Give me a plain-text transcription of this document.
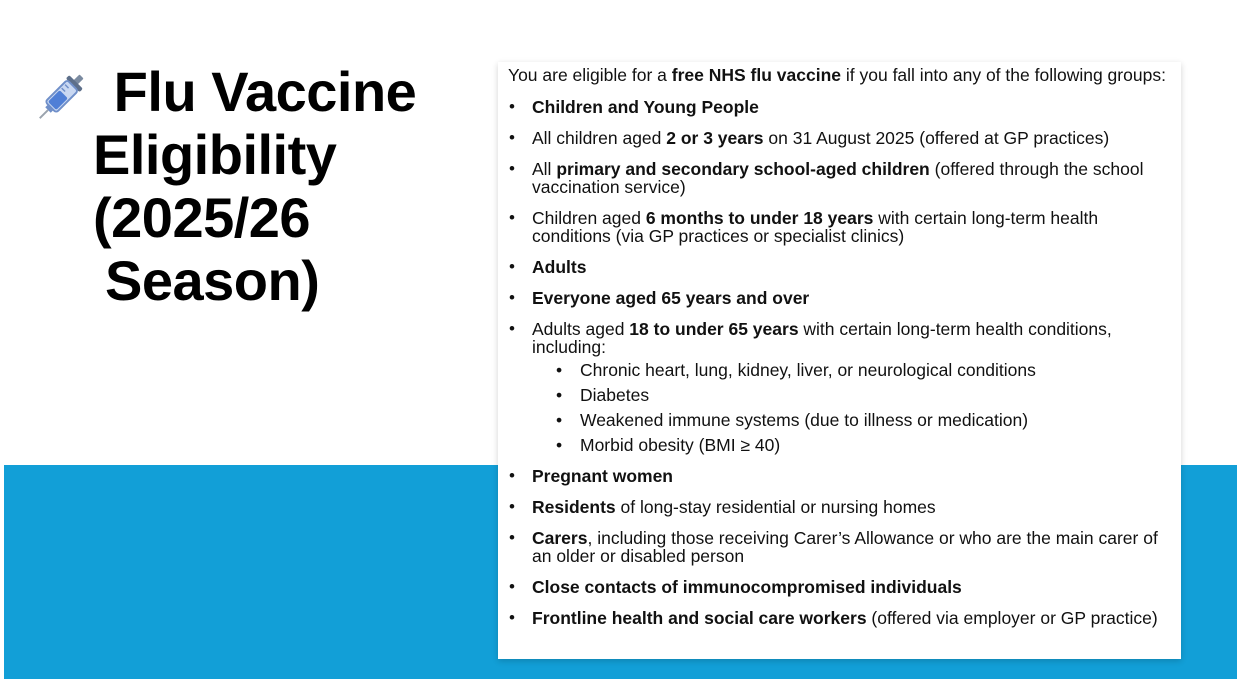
Flu Vaccine
Eligibility
(2025/26
Season)

You are eligible for a free NHS flu vaccine if you fall into any of the following groups:

• Children and Young People
• All children aged 2 or 3 years on 31 August 2025 (offered at GP practices)
• All primary and secondary school-aged children (offered through the school vaccination service)
• Children aged 6 months to under 18 years with certain long-term health conditions (via GP practices or specialist clinics)
• Adults
• Everyone aged 65 years and over
• Adults aged 18 to under 65 years with certain long-term health conditions, including:
• Chronic heart, lung, kidney, liver, or neurological conditions
• Diabetes
• Weakened immune systems (due to illness or medication)
• Morbid obesity (BMI ≥ 40)
• Pregnant women
• Residents of long-stay residential or nursing homes
• Carers, including those receiving Carer’s Allowance or who are the main carer of an older or disabled person
• Close contacts of immunocompromised individuals
• Frontline health and social care workers (offered via employer or GP practice)
